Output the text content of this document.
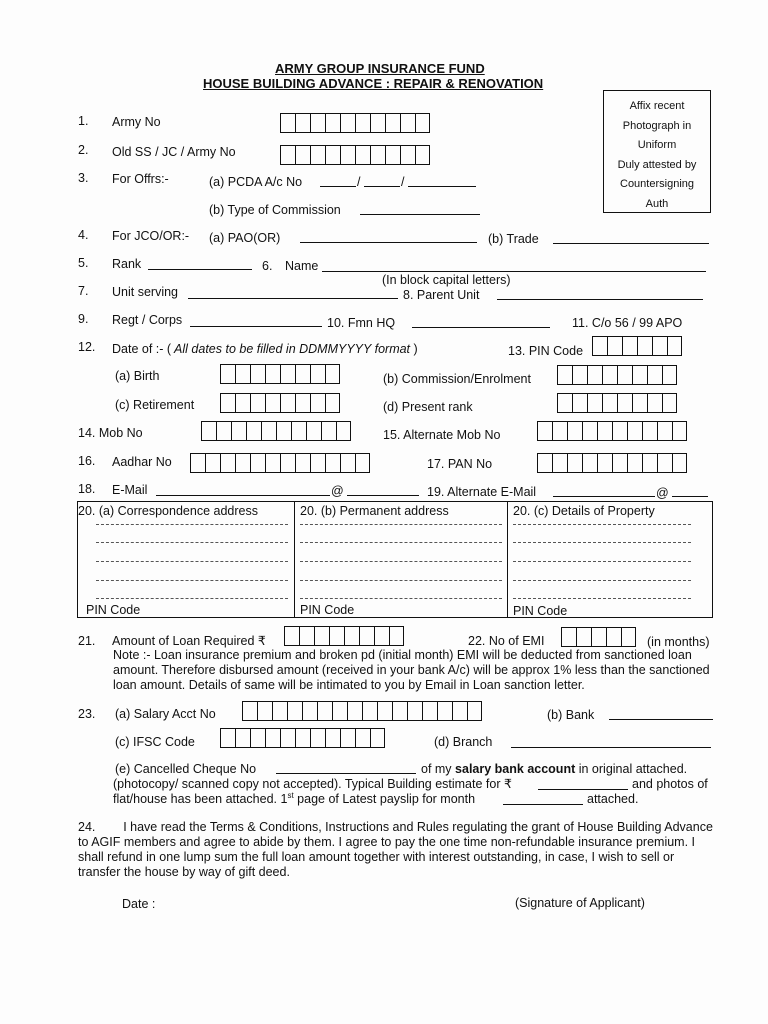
ARMY GROUP INSURANCE FUND
HOUSE BUILDING ADVANCE : REPAIR & RENOVATION
Affix recent
Photograph in
Uniform
Duly attested by
Countersigning
Auth
1. Army No
2. Old SS / JC / Army No
3. For Offrs:-	(a) PCDA A/c No	/	/
(b) Type of Commission
4. For JCO/OR:- (a) PAO(OR)	(b) Trade
5. Rank	6. Name
(In block capital letters)
7. Unit serving	8. Parent Unit
9. Regt / Corps	10. Fmn HQ	11. C/o 56 / 99 APO
12. Date of :- ( All dates to be filled in DDMMYYYY format )	13. PIN Code
(a) Birth	(b) Commission/Enrolment
(c) Retirement	(d) Present rank
14. Mob No	15. Alternate Mob No
16. Aadhar No	17. PAN No
18. E-Mail	@	19. Alternate E-Mail	@
20. (a) Correspondence address	20. (b) Permanent address	20. (c) Details of Property
PIN Code	PIN Code	PIN Code
21. Amount of Loan Required ₹	22. No of EMI	(in months)
Note :- Loan insurance premium and broken pd (initial month) EMI will be deducted from sanctioned loan amount. Therefore disbursed amount (received in your bank A/c) will be approx 1% less than the sanctioned loan amount. Details of same will be intimated to you by Email in Loan sanction letter.
23. (a) Salary Acct No	(b) Bank
(c) IFSC Code	(d) Branch
(e) Cancelled Cheque No	of my salary bank account in original attached.
(photocopy/ scanned copy not accepted). Typical Building estimate for ₹	and photos of
flat/house has been attached. 1st page of Latest payslip for month	attached.
24. I have read the Terms & Conditions, Instructions and Rules regulating the grant of House Building Advance to AGIF members and agree to abide by them. I agree to pay the one time non-refundable insurance premium. I shall refund in one lump sum the full loan amount together with interest outstanding, in case, I wish to sell or transfer the house by way of gift deed.
Date :	(Signature of Applicant)
